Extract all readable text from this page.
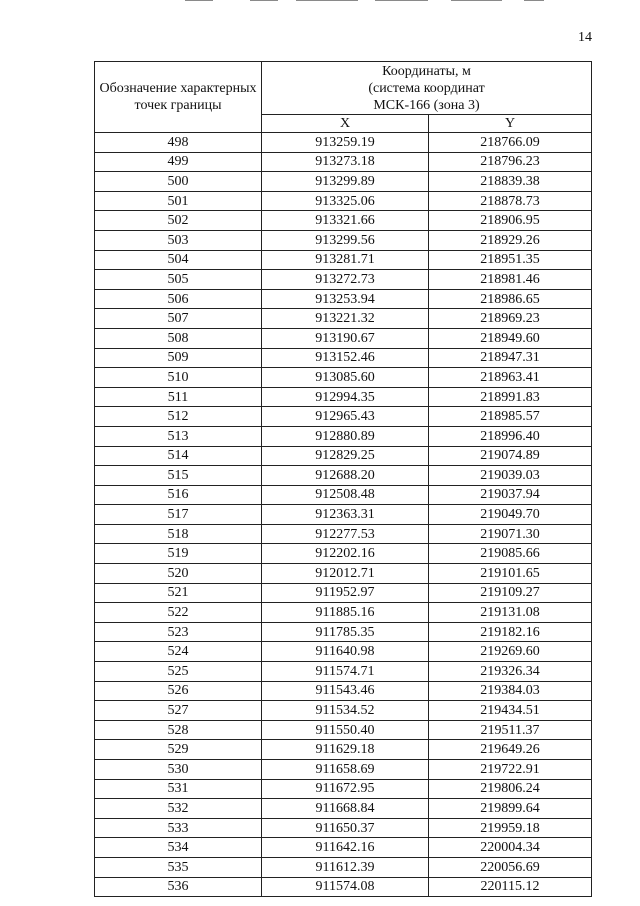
14
Обозначение характерных точек границы	Координаты, м
(система координат
МСК-166 (зона 3)	

	X	Y
498	913259.19	218766.09
499	913273.18	218796.23
500	913299.89	218839.38
501	913325.06	218878.73
502	913321.66	218906.95
503	913299.56	218929.26
504	913281.71	218951.35
505	913272.73	218981.46
506	913253.94	218986.65
507	913221.32	218969.23
508	913190.67	218949.60
509	913152.46	218947.31
510	913085.60	218963.41
511	912994.35	218991.83
512	912965.43	218985.57
513	912880.89	218996.40
514	912829.25	219074.89
515	912688.20	219039.03
516	912508.48	219037.94
517	912363.31	219049.70
518	912277.53	219071.30
519	912202.16	219085.66
520	912012.71	219101.65
521	911952.97	219109.27
522	911885.16	219131.08
523	911785.35	219182.16
524	911640.98	219269.60
525	911574.71	219326.34
526	911543.46	219384.03
527	911534.52	219434.51
528	911550.40	219511.37
529	911629.18	219649.26
530	911658.69	219722.91
531	911672.95	219806.24
532	911668.84	219899.64
533	911650.37	219959.18
534	911642.16	220004.34
535	911612.39	220056.69
536	911574.08	220115.12
